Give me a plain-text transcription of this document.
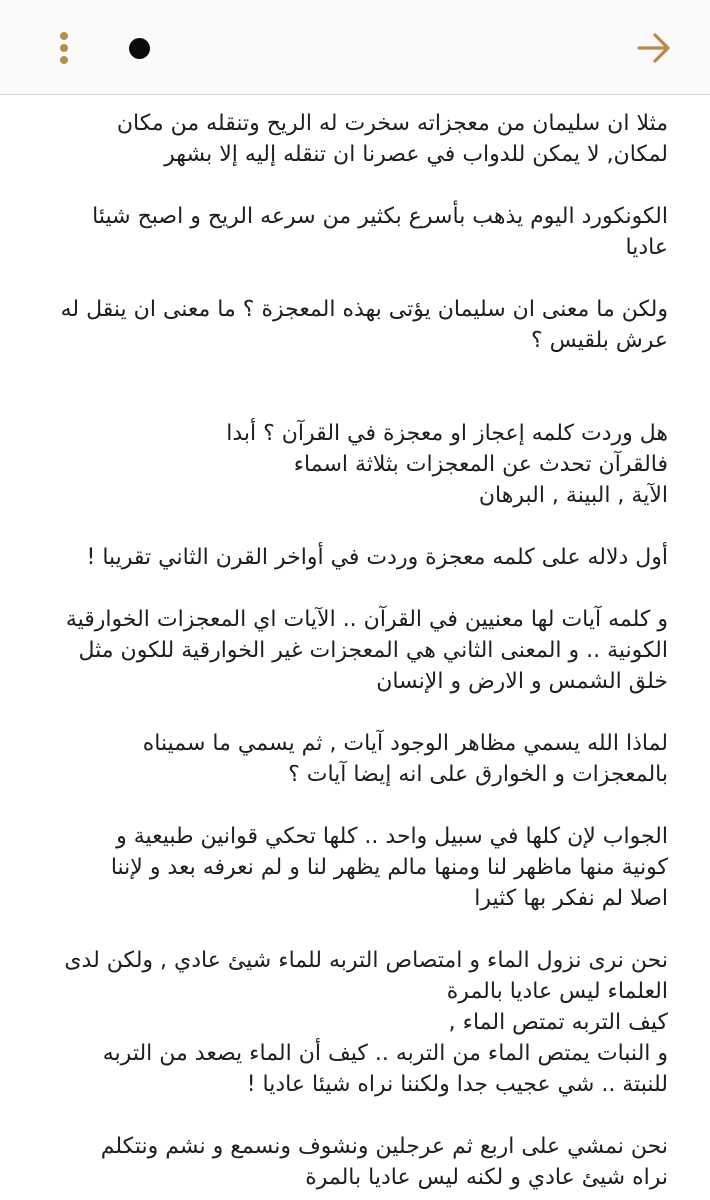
مثلا ان سليمان من معجزاته سخرت له الريح وتنقله من مكان
لمكان, لا يمكن للدواب في عصرنا ان تنقله إليه إلا بشهر

الكونكورد اليوم يذهب بأسرع بكثير من سرعه الريح و اصبح شيئا
عاديا

ولكن ما معنى ان سليمان يؤتى بهذه المعجزة ؟ ما معنى ان ينقل له
عرش بلقيس ؟

هل وردت كلمه إعجاز او معجزة في القرآن ؟ أبدا
فالقرآن تحدث عن المعجزات بثلاثة اسماء
الآية , البينة , البرهان

أول دلاله على كلمه معجزة وردت في أواخر القرن الثاني تقريبا !

و كلمه آيات لها معنيين في القرآن .. الآيات اي المعجزات الخوارقية
الكونية .. و المعنى الثاني هي المعجزات غير الخوارقية للكون مثل
خلق الشمس و الارض و الإنسان

لماذا الله يسمي مظاهر الوجود آيات , ثم يسمي ما سميناه
بالمعجزات و الخوارق على انه إيضا آيات ؟

الجواب لإن كلها في سبيل واحد .. كلها تحكي قوانين طبيعية و
كونية منها ماظهر لنا ومنها مالم يظهر لنا و لم نعرفه بعد و لإننا
اصلا لم نفكر بها كثيرا

نحن نرى نزول الماء و امتصاص التربه للماء شيئ عادي , ولكن لدى
العلماء ليس عاديا بالمرة
كيف التربه تمتص الماء ,
و النبات يمتص الماء من التربه .. كيف أن الماء يصعد من التربه
للنبتة .. شي عجيب جدا ولكننا نراه شيئا عاديا !

نحن نمشي على اربع ثم عرجلين ونشوف ونسمع و نشم ونتكلم
نراه شيئ عادي و لكنه ليس عاديا بالمرة
